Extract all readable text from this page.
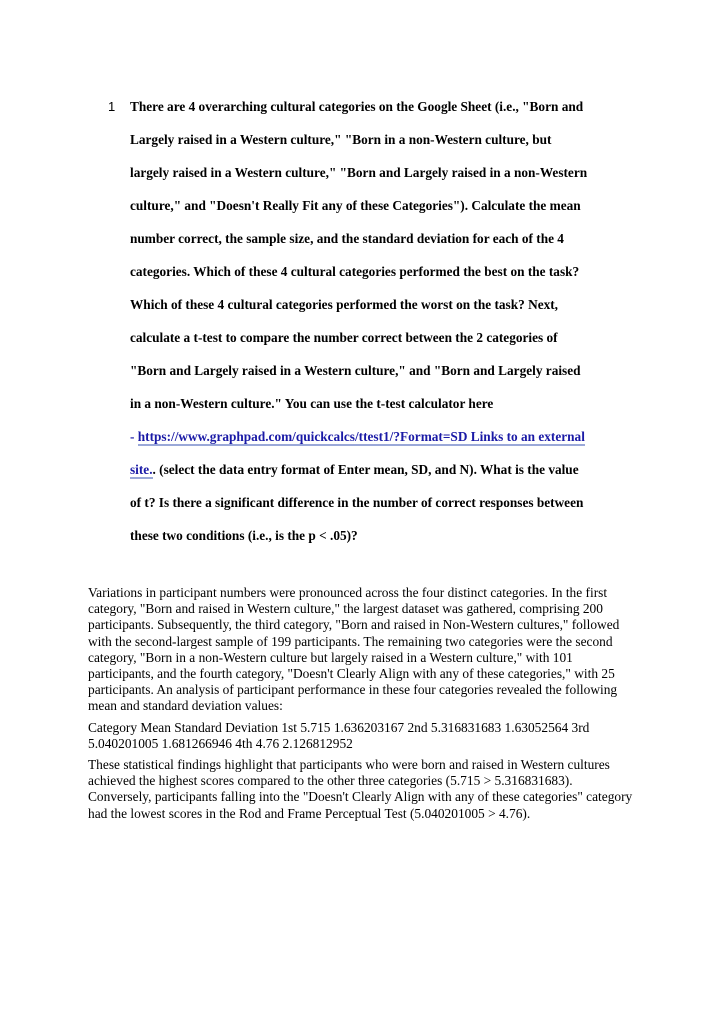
1 There are 4 overarching cultural categories on the Google Sheet (i.e., "Born and
Largely raised in a Western culture," "Born in a non-Western culture, but
largely raised in a Western culture," "Born and Largely raised in a non-Western
culture," and "Doesn't Really Fit any of these Categories"). Calculate the mean
number correct, the sample size, and the standard deviation for each of the 4
categories. Which of these 4 cultural categories performed the best on the task?
Which of these 4 cultural categories performed the worst on the task? Next,
calculate a t-test to compare the number correct between the 2 categories of
"Born and Largely raised in a Western culture," and "Born and Largely raised
in a non-Western culture." You can use the t-test calculator here
- https://www.graphpad.com/quickcalcs/ttest1/?Format=SD Links to an external
site.. (select the data entry format of Enter mean, SD, and N). What is the value
of t? Is there a significant difference in the number of correct responses between
these two conditions (i.e., is the p < .05)?

Variations in participant numbers were pronounced across the four distinct categories. In the first category, "Born and raised in Western culture," the largest dataset was gathered, comprising 200 participants. Subsequently, the third category, "Born and raised in Non-Western cultures," followed with the second-largest sample of 199 participants. The remaining two categories were the second category, "Born in a non-Western culture but largely raised in a Western culture," with 101 participants, and the fourth category, "Doesn't Clearly Align with any of these categories," with 25 participants. An analysis of participant performance in these four categories revealed the following mean and standard deviation values:

Category Mean Standard Deviation 1st 5.715 1.636203167 2nd 5.316831683 1.63052564 3rd 5.040201005 1.681266946 4th 4.76 2.126812952

These statistical findings highlight that participants who were born and raised in Western cultures achieved the highest scores compared to the other three categories (5.715 > 5.316831683). Conversely, participants falling into the "Doesn't Clearly Align with any of these categories" category had the lowest scores in the Rod and Frame Perceptual Test (5.040201005 > 4.76).
